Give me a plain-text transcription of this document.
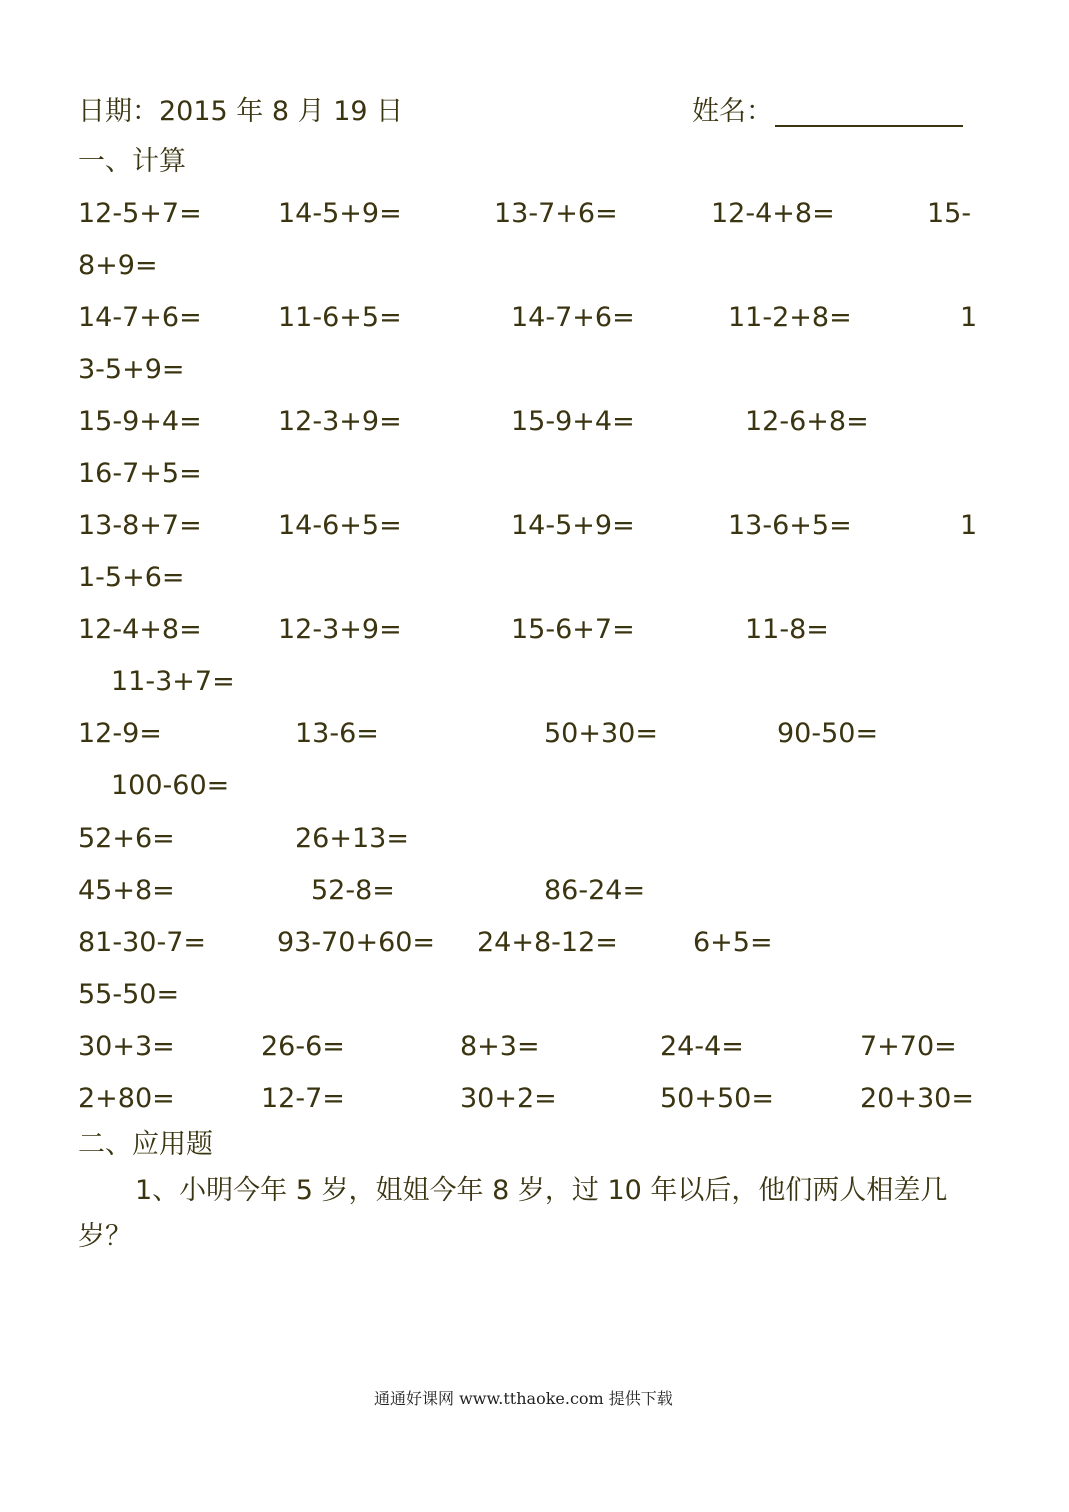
日期：2015 年 8 月 19 日	姓名：
一、计算
12-5+7=	14-5+9=	13-7+6=	12-4+8=	15-
8+9=
14-7+6=	11-6+5=	14-7+6=	11-2+8=	1
3-5+9=
15-9+4=	12-3+9=	15-9+4=	12-6+8=
16-7+5=
13-8+7=	14-6+5=	14-5+9=	13-6+5=	1
1-5+6=
12-4+8=	12-3+9=	15-6+7=	11-8=
11-3+7=
12-9=	13-6=	50+30=	90-50=
100-60=
52+6=	26+13=
45+8=	52-8=	86-24=
81-30-7=	93-70+60= 24+8-12=	6+5=
55-50=
30+3=	26-6=	8+3=	24-4=	7+70=
2+80=	12-7=	30+2=	50+50=	20+30=
二、应用题
1、小明今年 5 岁，姐姐今年 8 岁，过 10 年以后，他们两人相差几
岁？
通通好课网 www.tthaoke.com 提供下载
